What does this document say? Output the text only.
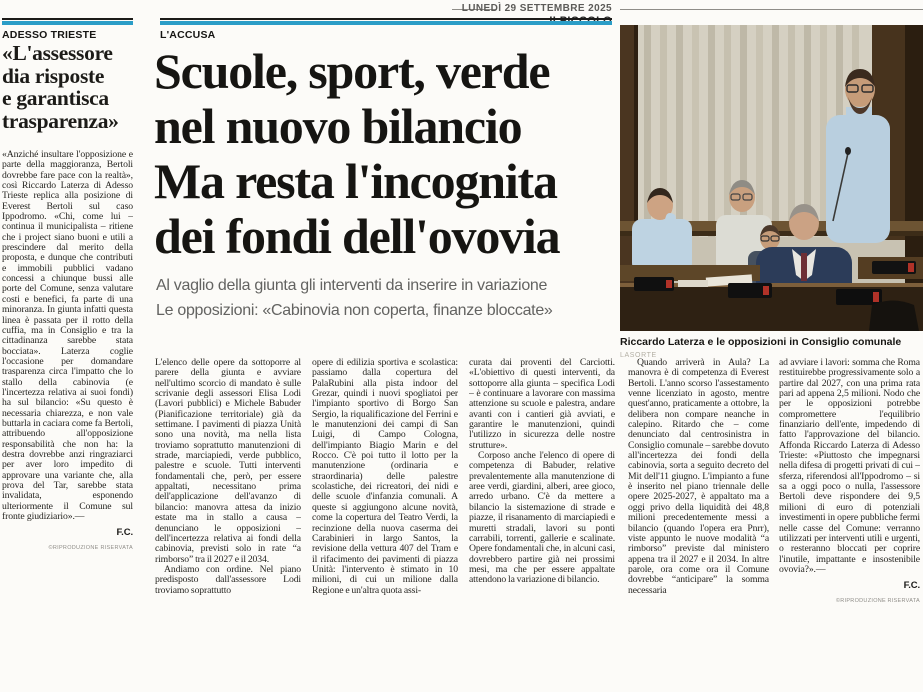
LUNEDÌ 29 SETTEMBRE 2025
ADESSO TRIESTE
«L'assessore
dia risposte
e garantisca
trasparenza»

«Anziché insultare l'opposizione e parte della maggioranza, Bertoli dovrebbe fare pace con la realtà», così Riccardo Laterza di Adesso Trieste replica alla posizione di Everest Bertoli sul caso Ippodromo. «Chi, come lui – continua il municipalista – ritiene che i project siano buoni e utili a prescindere dal merito della proposta, e dunque che contributi e immobili pubblici vadano concessi a chiunque bussi alle porte del Comune, senza valutare costi e benefici, fa parte di una minoranza. In giunta infatti questa linea è passata per il rotto della cuffia, ma in Consiglio e tra la cittadinanza sarebbe stata bocciata». Laterza coglie l'occasione per domandare trasparenza circa l'impatto che lo stallo della cabinovia (e l'incertezza relativa ai suoi fondi) ha sul bilancio: «Su questo è necessaria chiarezza, e non vale buttarla in caciara come fa Bertoli, attribuendo all'opposizione responsabilità che non ha: la destra dovrebbe anzi ringraziarci per aver loro impedito di approvare una variante che, alla prova del Tar, sarebbe stata invalidata, esponendo ulteriormente il Comune sul fronte giudiziario».—

F.C.
©RIPRODUZIONE RISERVATA
L'ACCUSA
Scuole, sport, verde
nel nuovo bilancio
Ma resta l'incognita
dei fondi dell'ovovia
Al vaglio della giunta gli interventi da inserire in variazione
Le opposizioni: «Cabinovia non coperta, finanze bloccate»
Riccardo Laterza e le opposizioni in Consiglio comunale LASORTE

L'elenco delle opere da sottoporre al parere della giunta e avviare nell'ultimo scorcio di mandato è sulle scrivanie degli assessori Elisa Lodi (Lavori pubblici) e Michele Babuder (Pianificazione territoriale) già da settimane. I pavimenti di piazza Unità sono una novità, ma nella lista troviamo soprattutto manutenzioni di strade, marciapiedi, verde pubblico, palestre e scuole. Tutti interventi fondamentali che, però, per essere appaltati, necessitano prima dell'applicazione dell'avanzo di bilancio: manovra attesa da inizio estate ma in stallo a causa – denunciano le opposizioni – dell'incertezza relativa ai fondi della cabinovia, previsti solo in rate “a rimborso” tra il 2027 e il 2034.

Andiamo con ordine. Nel piano predisposto dall'assessore Lodi troviamo soprattutto

opere di edilizia sportiva e scolastica: passiamo dalla copertura del PalaRubini alla pista indoor del Grezar, quindi i nuovi spogliatoi per l'impianto sportivo di Borgo San Sergio, la riqualificazione del Ferrini e le manutenzioni dei campi di San Luigi, di Campo Cologna, dell'impianto Biagio Marin e del Rocco. C'è poi tutto il lotto per la manutenzione (ordinaria e straordinaria) delle palestre scolastiche, dei ricreatori, dei nidi e delle scuole d'infanzia comunali. A queste si aggiungono alcune novità, come la copertura del Teatro Verdi, la recinzione della nuova caserma dei Carabinieri in largo Santos, la revisione della vettura 407 del Tram e il rifacimento dei pavimenti di piazza Unità: l'intervento è stimato in 10 milioni, di cui un milione dalla Regione e un'altra quota assi-

curata dai proventi del Carciotti. «L'obiettivo di questi interventi, da sottoporre alla giunta – specifica Lodi – è continuare a lavorare con massima attenzione su scuole e palestra, andare avanti con i cantieri già avviati, e garantire le manutenzioni, quindi l'utilizzo in sicurezza delle nostre strutture».

Corposo anche l'elenco di opere di competenza di Babuder, relative prevalentemente alla manutenzione di aree verdi, giardini, alberi, aree gioco, arredo urbano. C'è da mettere a bilancio la sistemazione di strade e piazze, il risanamento di marciapiedi e muretti stradali, lavori su ponti carrabili, torrenti, gallerie e scalinate. Opere fondamentali che, in alcuni casi, dovrebbero partire già nei prossimi mesi, ma che per essere appaltate attendono la variazione di bilancio.

Quando arriverà in Aula? La manovra è di competenza di Everest Bertoli. L'anno scorso l'assestamento venne licenziato in agosto, mentre quest'anno, praticamente a ottobre, la delibera non compare neanche in calepino. Ritardo che – come denunciato dal centrosinistra in Consiglio comunale – sarebbe dovuto all'incertezza dei fondi della cabinovia, sorta a seguito decreto del Mit dell'11 giugno. L'impianto a fune è inserito nel piano triennale delle opere 2025-2027, è appaltato ma a oggi privo della liquidità dei 48,8 milioni precedentemente messi a bilancio (quando l'opera era Pnrr), viste appunto le nuove modalità “a rimborso” previste dal ministero appena tra il 2027 e il 2034. In altre parole, ora come ora il Comune dovrebbe “anticipare” la somma necessaria

ad avviare i lavori: somma che Roma restituirebbe progressivamente solo a partire dal 2027, con una prima rata pari ad appena 2,5 milioni. Nodo che per le opposizioni potrebbe compromettere l'equilibrio finanziario dell'ente, impedendo di fatto l'approvazione del bilancio. Affonda Riccardo Laterza di Adesso Trieste: «Piuttosto che impegnarsi nella difesa di progetti privati di cui – sferza, riferendosi all'Ippodromo – si sa a oggi poco o nulla, l'assessore Bertoli deve rispondere dei 9,5 milioni di euro di potenziali investimenti in opere pubbliche fermi nelle casse del Comune: verranno utilizzati per interventi utili e urgenti, o resteranno bloccati per coprire l'inutile, impattante e insostenibile ovovia?».—

F.C.
©RIPRODUZIONE RISERVATA
